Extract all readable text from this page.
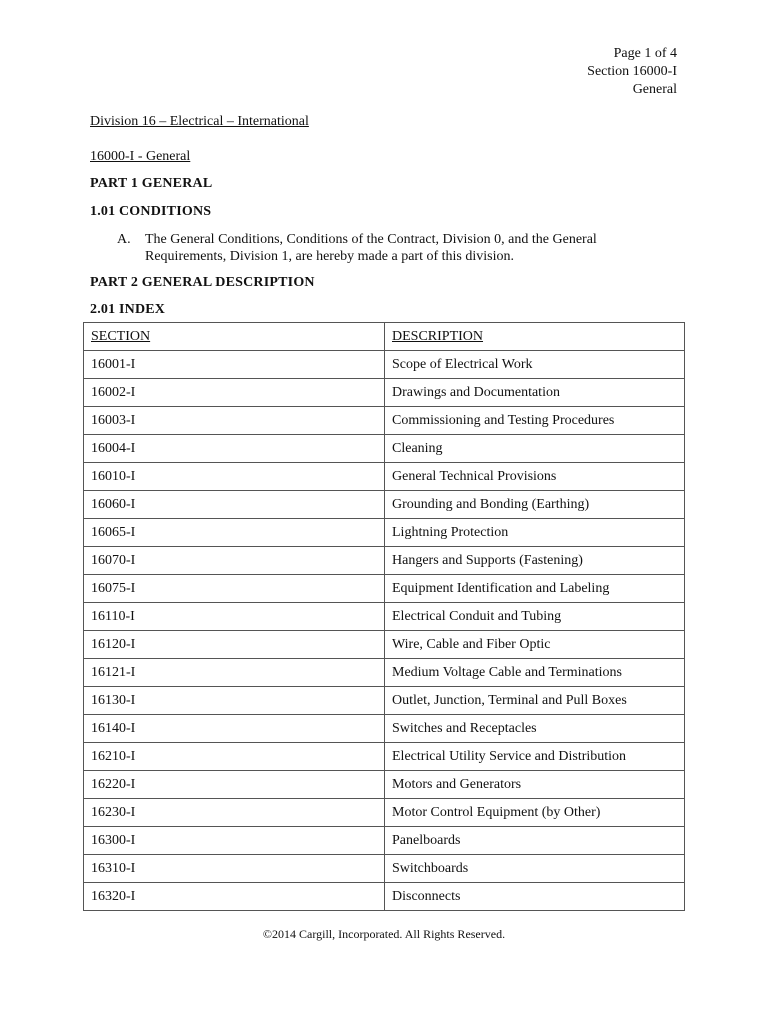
Page 1 of 4
Section 16000-I
General
Division 16 – Electrical – International
16000-I - General
PART 1 GENERAL
1.01 CONDITIONS
A. The General Conditions, Conditions of the Contract, Division 0, and the General Requirements, Division 1, are hereby made a part of this division.
PART 2 GENERAL DESCRIPTION
2.01 INDEX
SECTION	DESCRIPTION
16001-I	Scope of Electrical Work
16002-I	Drawings and Documentation
16003-I	Commissioning and Testing Procedures
16004-I	Cleaning
16010-I	General Technical Provisions
16060-I	Grounding and Bonding (Earthing)
16065-I	Lightning Protection
16070-I	Hangers and Supports (Fastening)
16075-I	Equipment Identification and Labeling
16110-I	Electrical Conduit and Tubing
16120-I	Wire, Cable and Fiber Optic
16121-I	Medium Voltage Cable and Terminations
16130-I	Outlet, Junction, Terminal and Pull Boxes
16140-I	Switches and Receptacles
16210-I	Electrical Utility Service and Distribution
16220-I	Motors and Generators
16230-I	Motor Control Equipment (by Other)
16300-I	Panelboards
16310-I	Switchboards
16320-I	Disconnects
©2014 Cargill, Incorporated. All Rights Reserved.
